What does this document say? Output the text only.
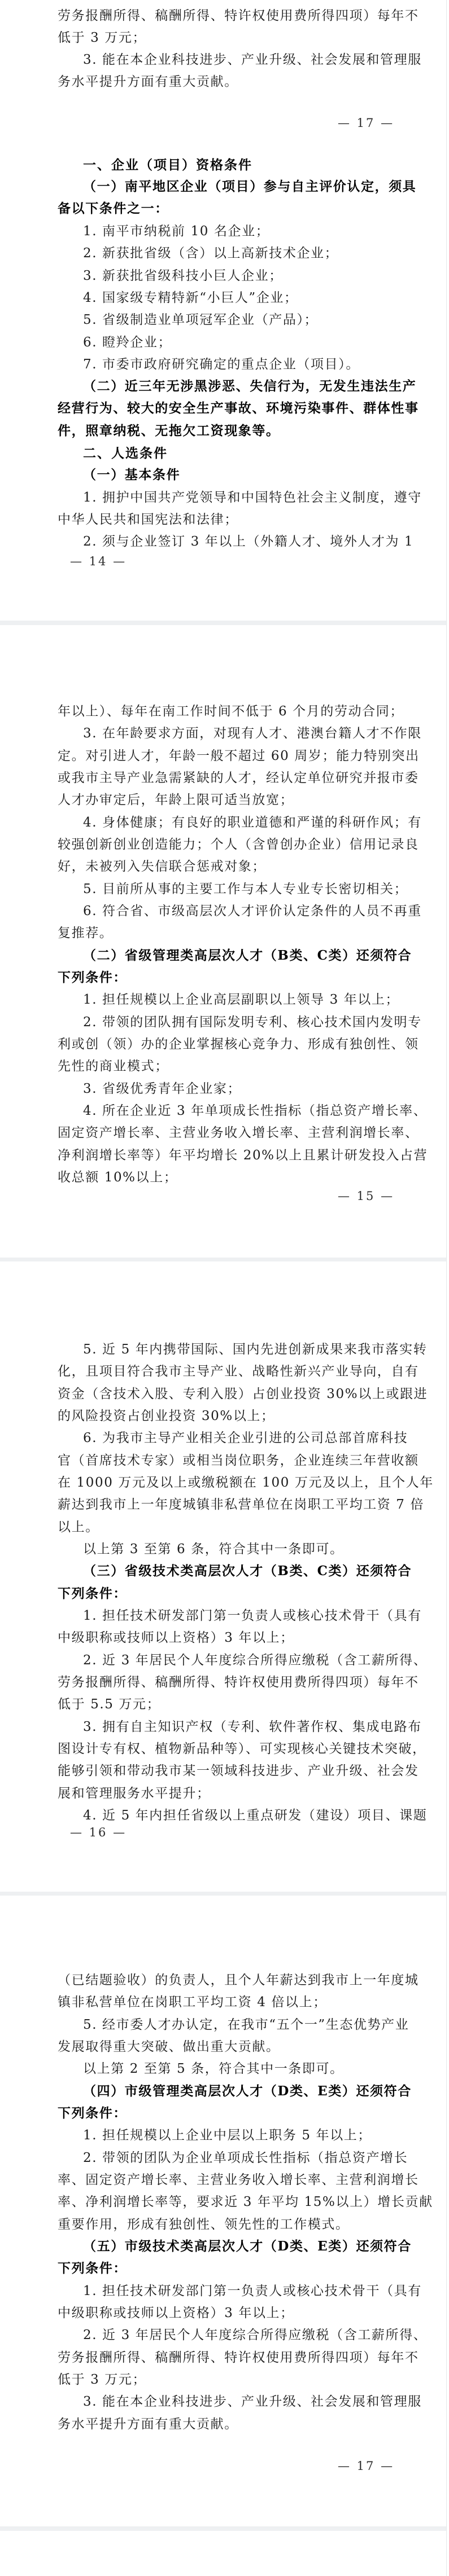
劳务报酬所得、稿酬所得、特许权使用费所得四项）每年不
低于 3 万元；
3. 能在本企业科技进步、产业升级、社会发展和管理服
务水平提升方面有重大贡献。
— 17 —
一、企业（项目）资格条件
（一）南平地区企业（项目）参与自主评价认定，须具
备以下条件之一：
1. 南平市纳税前 10 名企业；
2. 新获批省级（含）以上高新技术企业；
3. 新获批省级科技小巨人企业；
4. 国家级专精特新“小巨人”企业；
5. 省级制造业单项冠军企业（产品）；
6. 瞪羚企业；
7. 市委市政府研究确定的重点企业（项目）。
（二）近三年无涉黑涉恶、失信行为，无发生违法生产
经营行为、较大的安全生产事故、环境污染事件、群体性事
件，照章纳税、无拖欠工资现象等。
二、人选条件
（一）基本条件
1. 拥护中国共产党领导和中国特色社会主义制度，遵守
中华人民共和国宪法和法律；
2. 须与企业签订 3 年以上（外籍人才、境外人才为 1
— 14 —
年以上）、每年在南工作时间不低于 6 个月的劳动合同；
3. 在年龄要求方面，对现有人才、港澳台籍人才不作限
定。对引进人才，年龄一般不超过 60 周岁；能力特别突出
或我市主导产业急需紧缺的人才，经认定单位研究并报市委
人才办审定后，年龄上限可适当放宽；
4. 身体健康；有良好的职业道德和严谨的科研作风；有
较强创新创业创造能力；个人（含曾创办企业）信用记录良
好，未被列入失信联合惩戒对象；
5. 目前所从事的主要工作与本人专业专长密切相关；
6. 符合省、市级高层次人才评价认定条件的人员不再重
复推荐。
（二）省级管理类高层次人才（B类、C类）还须符合
下列条件：
1. 担任规模以上企业高层副职以上领导 3 年以上；
2. 带领的团队拥有国际发明专利、核心技术国内发明专
利或创（领）办的企业掌握核心竞争力、形成有独创性、领
先性的商业模式；
3. 省级优秀青年企业家；
4. 所在企业近 3 年单项成长性指标（指总资产增长率、
固定资产增长率、主营业务收入增长率、主营利润增长率、
净利润增长率等）年平均增长 20%以上且累计研发投入占营
收总额 10%以上；
— 15 —
5. 近 5 年内携带国际、国内先进创新成果来我市落实转
化，且项目符合我市主导产业、战略性新兴产业导向，自有
资金（含技术入股、专利入股）占创业投资 30%以上或跟进
的风险投资占创业投资 30%以上；
6. 为我市主导产业相关企业引进的公司总部首席科技
官（首席技术专家）或相当岗位职务，企业连续三年营收额
在 1000 万元及以上或缴税额在 100 万元及以上，且个人年
薪达到我市上一年度城镇非私营单位在岗职工平均工资 7 倍
以上。
以上第 3 至第 6 条，符合其中一条即可。
（三）省级技术类高层次人才（B类、C类）还须符合
下列条件：
1. 担任技术研发部门第一负责人或核心技术骨干（具有
中级职称或技师以上资格）3 年以上；
2. 近 3 年居民个人年度综合所得应缴税（含工薪所得、
劳务报酬所得、稿酬所得、特许权使用费所得四项）每年不
低于 5.5 万元；
3. 拥有自主知识产权（专利、软件著作权、集成电路布
图设计专有权、植物新品种等）、可实现核心关键技术突破，
能够引领和带动我市某一领域科技进步、产业升级、社会发
展和管理服务水平提升；
4. 近 5 年内担任省级以上重点研发（建设）项目、课题
— 16 —
（已结题验收）的负责人，且个人年薪达到我市上一年度城
镇非私营单位在岗职工平均工资 4 倍以上；
5. 经市委人才办认定，在我市“五个一”生态优势产业
发展取得重大突破、做出重大贡献。
以上第 2 至第 5 条，符合其中一条即可。
（四）市级管理类高层次人才（D类、E类）还须符合
下列条件：
1. 担任规模以上企业中层以上职务 5 年以上；
2. 带领的团队为企业单项成长性指标（指总资产增长
率、固定资产增长率、主营业务收入增长率、主营利润增长
率、净利润增长率等，要求近 3 年平均 15%以上）增长贡献
重要作用，形成有独创性、领先性的工作模式。
（五）市级技术类高层次人才（D类、E类）还须符合
下列条件：
1. 担任技术研发部门第一负责人或核心技术骨干（具有
中级职称或技师以上资格）3 年以上；
2. 近 3 年居民个人年度综合所得应缴税（含工薪所得、
劳务报酬所得、稿酬所得、特许权使用费所得四项）每年不
低于 3 万元；
3. 能在本企业科技进步、产业升级、社会发展和管理服
务水平提升方面有重大贡献。
— 17 —
